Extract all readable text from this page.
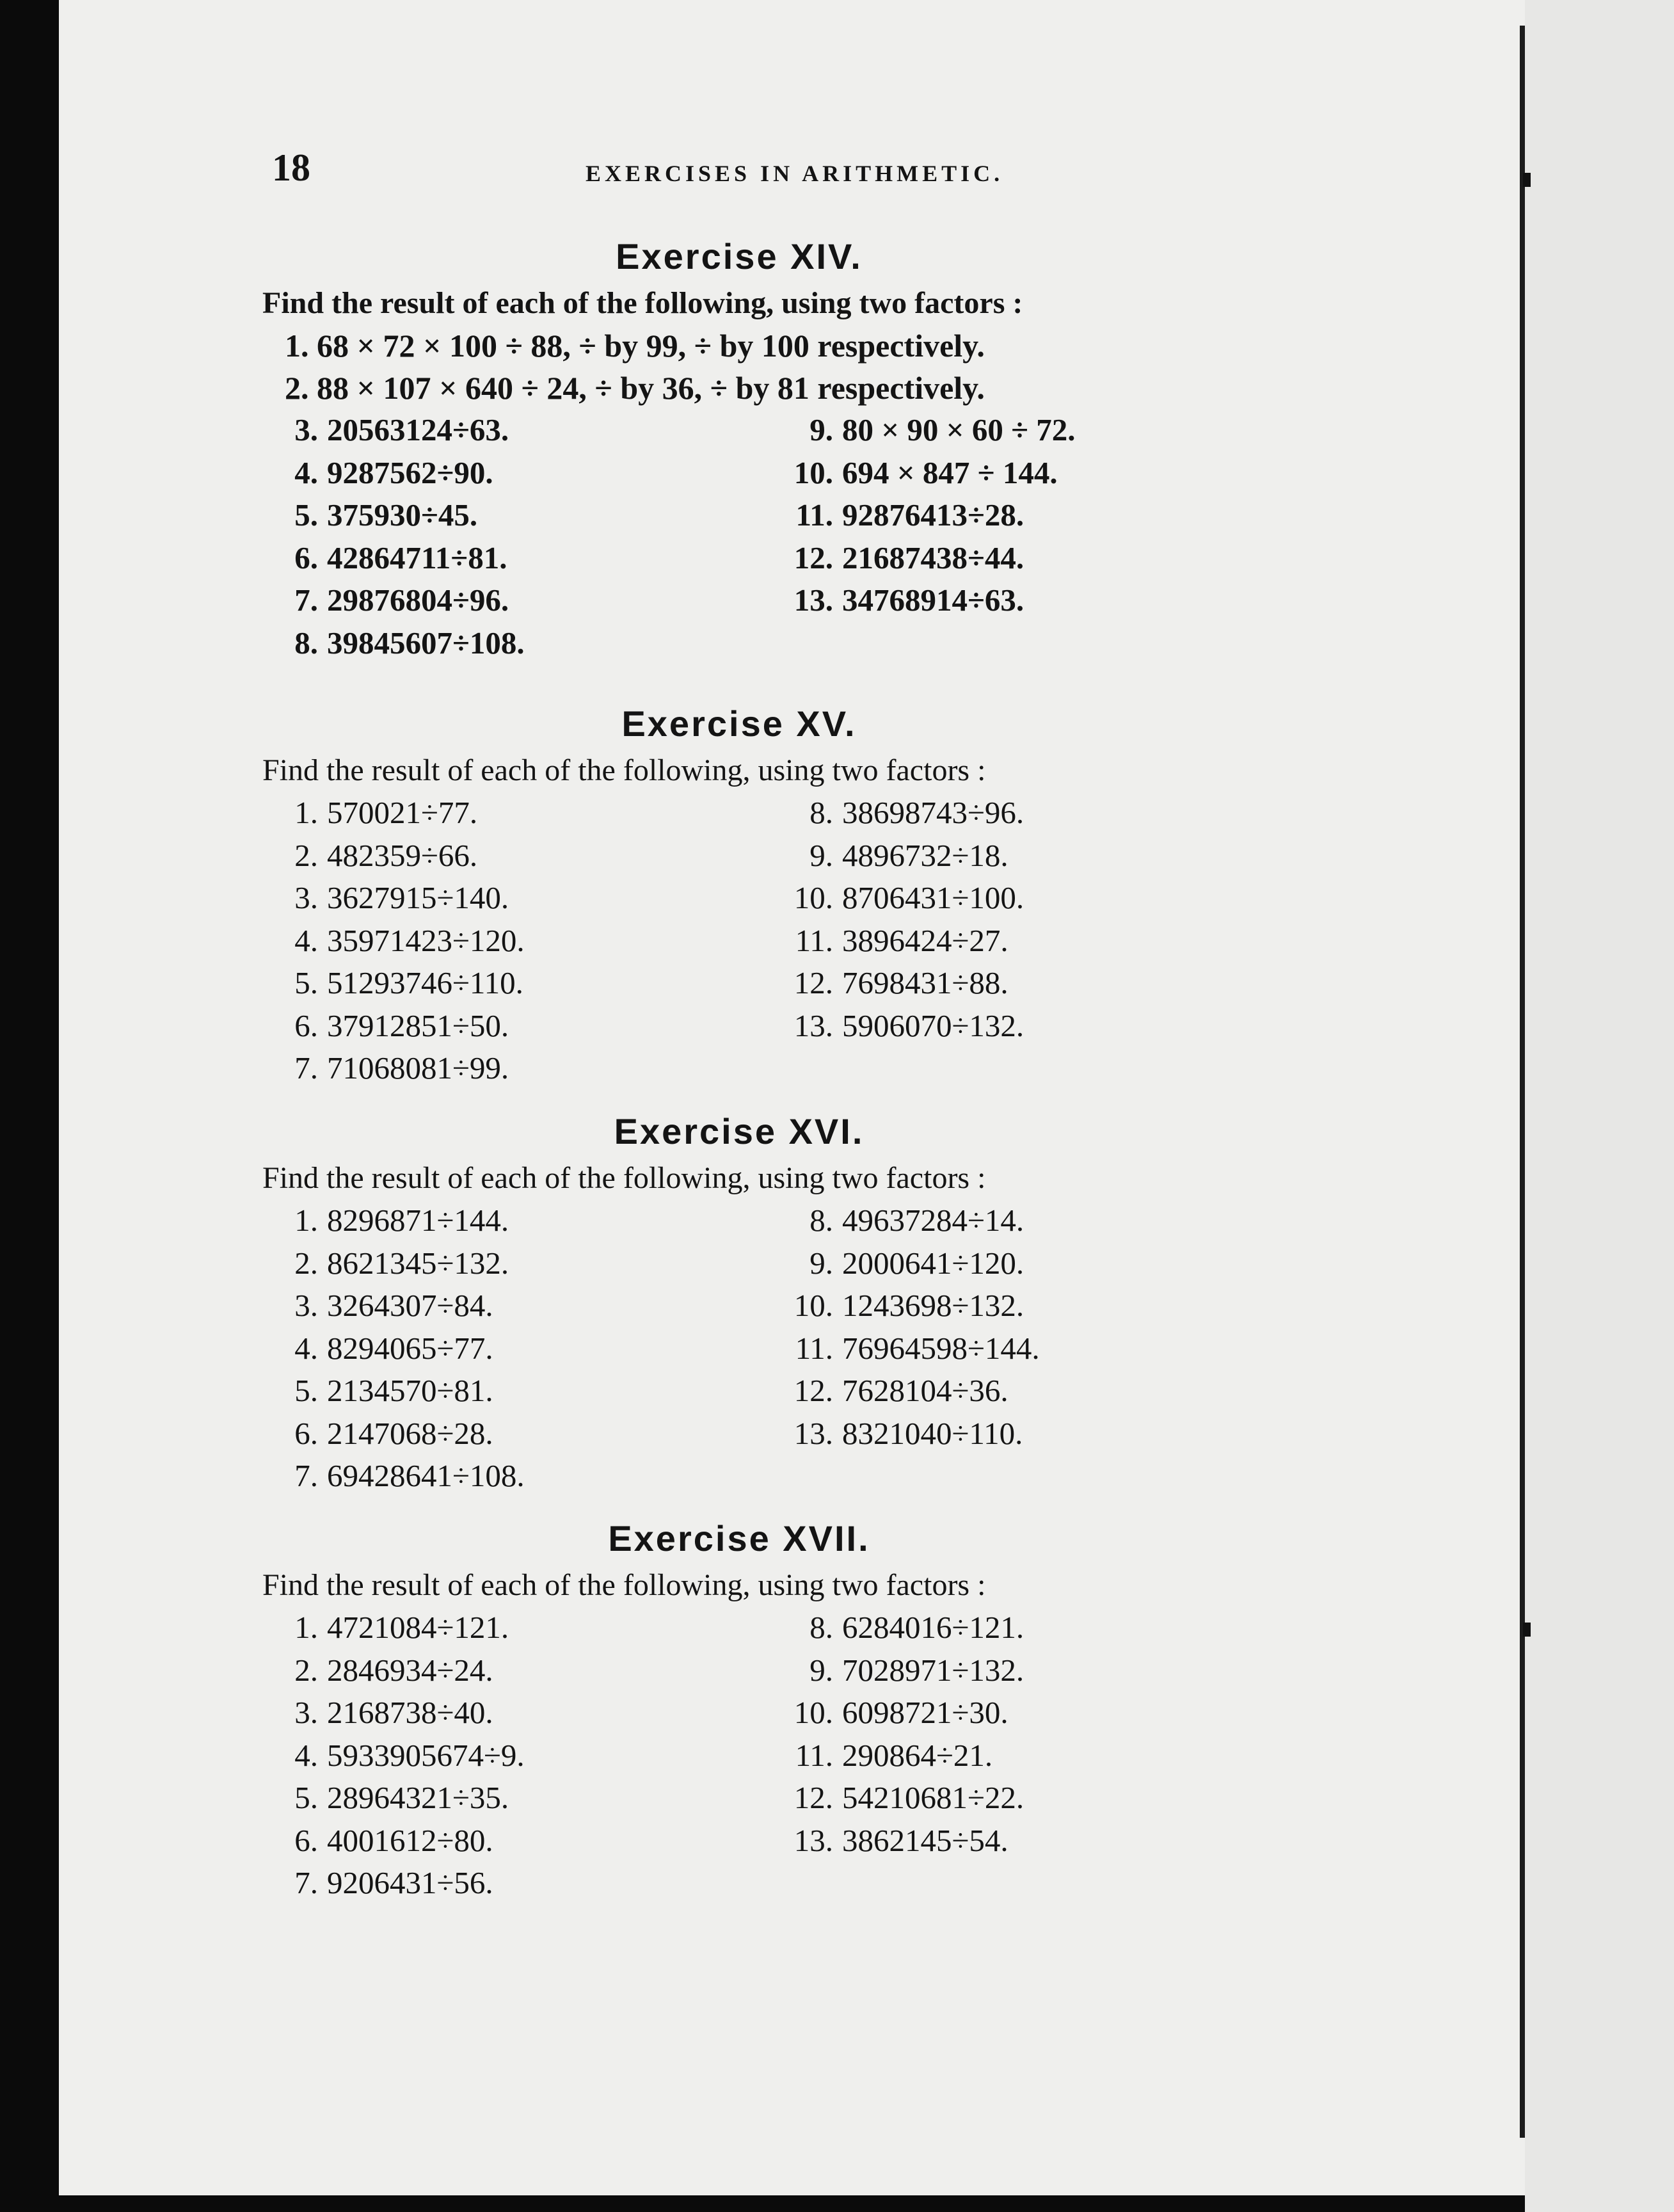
18	EXERCISES IN ARITHMETIC.
Exercise XIV.
Find the result of each of the following, using two factors :
1. 68 × 72 × 100 ÷ 88, ÷ by 99, ÷ by 100 respectively.
2. 88 × 107 × 640 ÷ 24, ÷ by 36, ÷ by 81 respectively.
3. 20563124÷63.
4. 9287562÷90.
5. 375930÷45.
6. 42864711÷81.
7. 29876804÷96.
8. 39845607÷108.
9. 80 × 90 × 60 ÷ 72.
10. 694 × 847 ÷ 144.
11. 92876413÷28.
12. 21687438÷44.
13. 34768914÷63.
Exercise XV.
Find the result of each of the following, using two factors :
1. 570021÷77.
2. 482359÷66.
3. 3627915÷140.
4. 35971423÷120.
5. 51293746÷110.
6. 37912851÷50.
7. 71068081÷99.
8. 38698743÷96.
9. 4896732÷18.
10. 8706431÷100.
11. 3896424÷27.
12. 7698431÷88.
13. 5906070÷132.
Exercise XVI.
Find the result of each of the following, using two factors :
1. 8296871÷144.
2. 8621345÷132.
3. 3264307÷84.
4. 8294065÷77.
5. 2134570÷81.
6. 2147068÷28.
7. 69428641÷108.
8. 49637284÷14.
9. 2000641÷120.
10. 1243698÷132.
11. 76964598÷144.
12. 7628104÷36.
13. 8321040÷110.
Exercise XVII.
Find the result of each of the following, using two factors :
1. 4721084÷121.
2. 2846934÷24.
3. 2168738÷40.
4. 5933905674÷9.
5. 28964321÷35.
6. 4001612÷80.
7. 9206431÷56.
8. 6284016÷121.
9. 7028971÷132.
10. 6098721÷30.
11. 290864÷21.
12. 54210681÷22.
13. 3862145÷54.
